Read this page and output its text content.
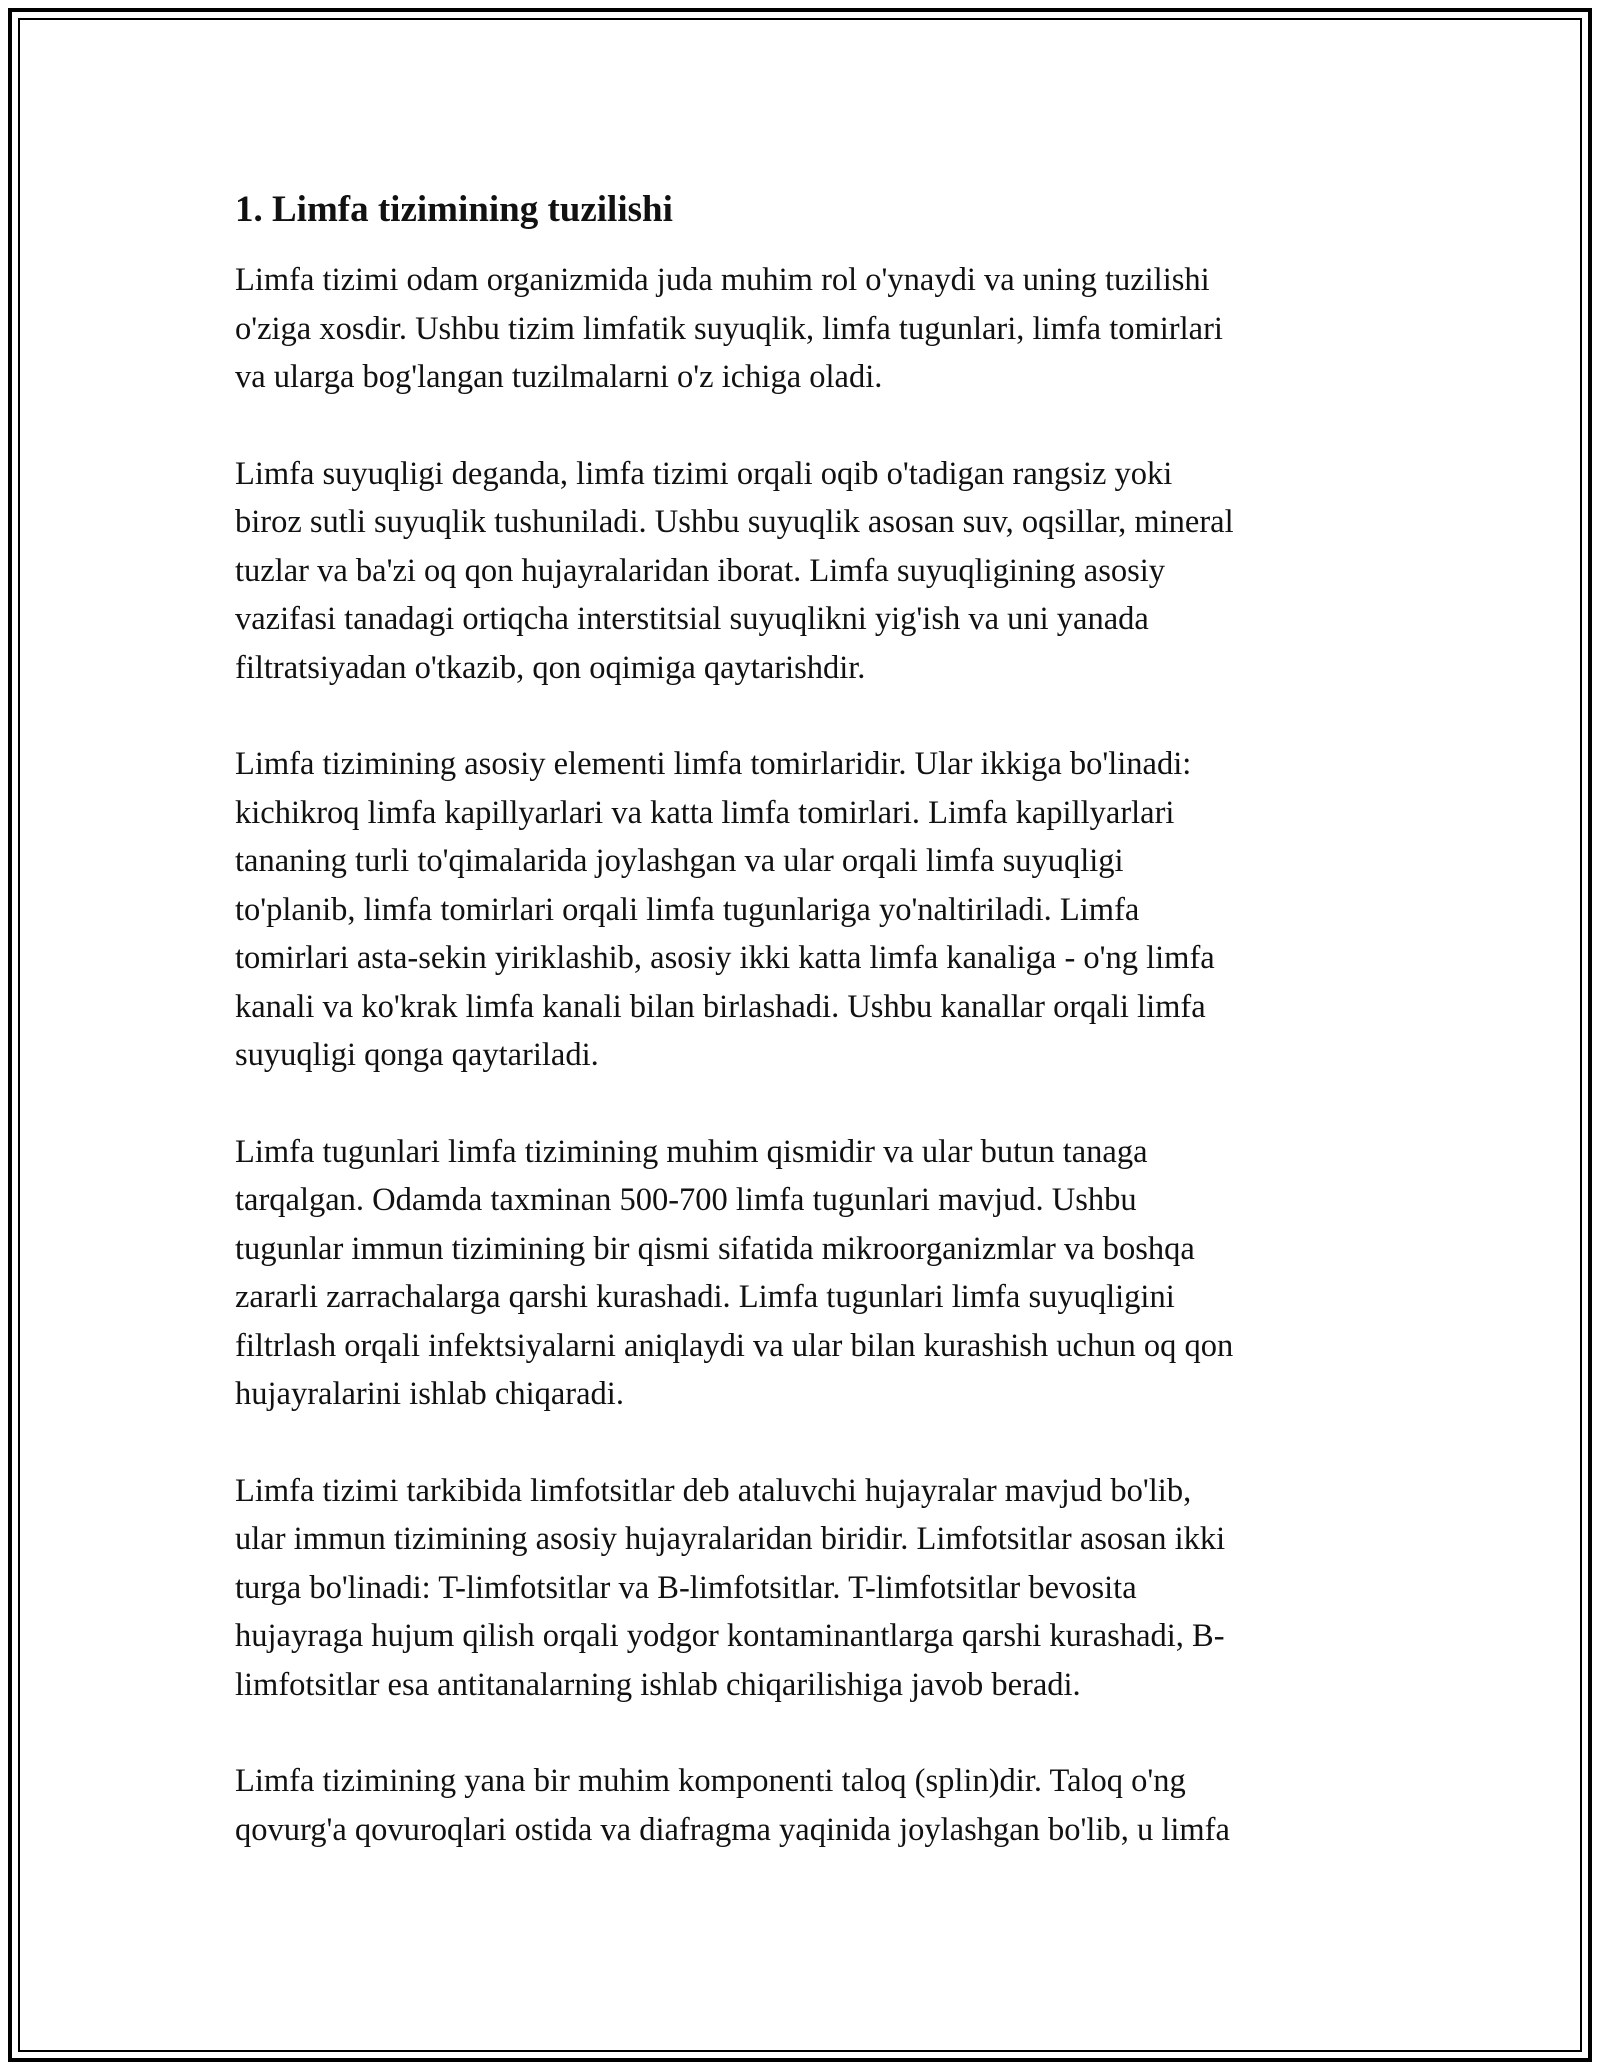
1. Limfa tizimining tuzilishi

Limfa tizimi odam organizmida juda muhim rol o'ynaydi va uning tuzilishi
o'ziga xosdir. Ushbu tizim limfatik suyuqlik, limfa tugunlari, limfa tomirlari
va ularga bog'langan tuzilmalarni o'z ichiga oladi.

Limfa suyuqligi deganda, limfa tizimi orqali oqib o'tadigan rangsiz yoki
biroz sutli suyuqlik tushuniladi. Ushbu suyuqlik asosan suv, oqsillar, mineral
tuzlar va ba'zi oq qon hujayralaridan iborat. Limfa suyuqligining asosiy
vazifasi tanadagi ortiqcha interstitsial suyuqlikni yig'ish va uni yanada
filtratsiyadan o'tkazib, qon oqimiga qaytarishdir.

Limfa tizimining asosiy elementi limfa tomirlaridir. Ular ikkiga bo'linadi:
kichikroq limfa kapillyarlari va katta limfa tomirlari. Limfa kapillyarlari
tananing turli to'qimalarida joylashgan va ular orqali limfa suyuqligi
to'planib, limfa tomirlari orqali limfa tugunlariga yo'naltiriladi. Limfa
tomirlari asta-sekin yiriklashib, asosiy ikki katta limfa kanaliga - o'ng limfa
kanali va ko'krak limfa kanali bilan birlashadi. Ushbu kanallar orqali limfa
suyuqligi qonga qaytariladi.

Limfa tugunlari limfa tizimining muhim qismidir va ular butun tanaga
tarqalgan. Odamda taxminan 500-700 limfa tugunlari mavjud. Ushbu
tugunlar immun tizimining bir qismi sifatida mikroorganizmlar va boshqa
zararli zarrachalarga qarshi kurashadi. Limfa tugunlari limfa suyuqligini
filtrlash orqali infektsiyalarni aniqlaydi va ular bilan kurashish uchun oq qon
hujayralarini ishlab chiqaradi.

Limfa tizimi tarkibida limfotsitlar deb ataluvchi hujayralar mavjud bo'lib,
ular immun tizimining asosiy hujayralaridan biridir. Limfotsitlar asosan ikki
turga bo'linadi: T-limfotsitlar va B-limfotsitlar. T-limfotsitlar bevosita
hujayraga hujum qilish orqali yodgor kontaminantlarga qarshi kurashadi, B-
limfotsitlar esa antitanalarning ishlab chiqarilishiga javob beradi.

Limfa tizimining yana bir muhim komponenti taloq (splin)dir. Taloq o'ng
qovurg'a qovuroqlari ostida va diafragma yaqinida joylashgan bo'lib, u limfa
